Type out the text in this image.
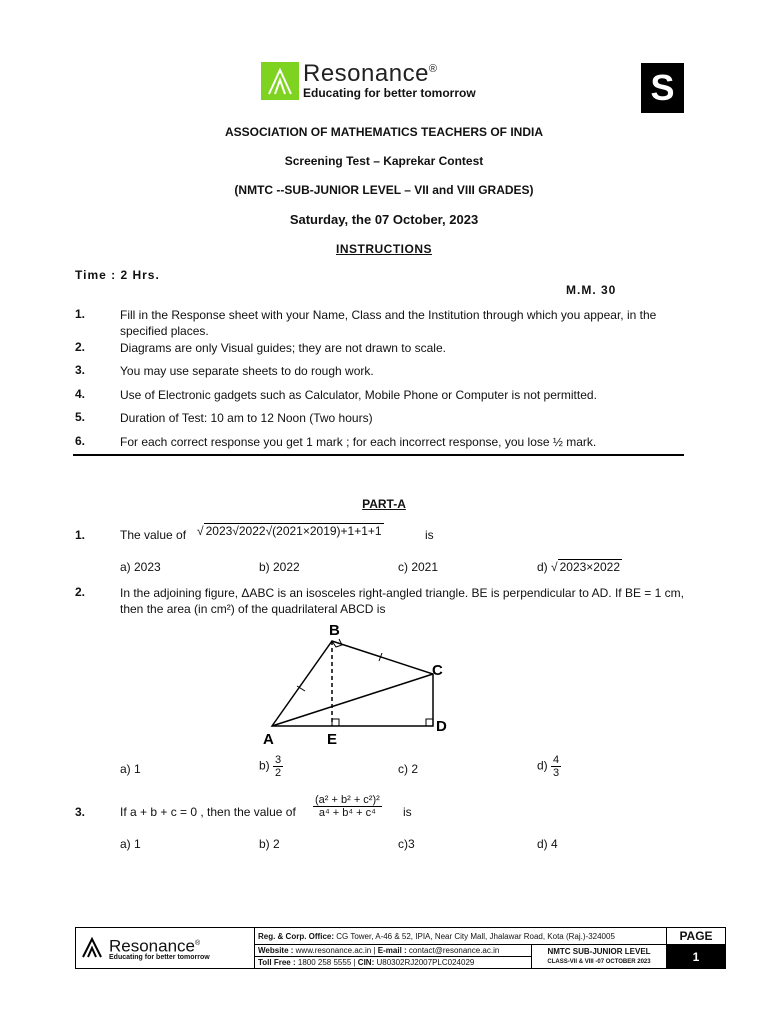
Resonance®
Educating for better tomorrow	S
ASSOCIATION OF MATHEMATICS TEACHERS OF INDIA
Screening Test – Kaprekar Contest
(NMTC --SUB-JUNIOR LEVEL – VII and VIII GRADES)
Saturday, the 07 October, 2023
INSTRUCTIONS
Time : 2 Hrs.
M.M. 30
1.	Fill in the Response sheet with your Name, Class and the Institution through which you appear, in the specified places.
2.	Diagrams are only Visual guides; they are not drawn to scale.
3.	You may use separate sheets to do rough work.
4.	Use of Electronic gadgets such as Calculator, Mobile Phone or Computer is not permitted.
5.	Duration of Test: 10 am to 12 Noon (Two hours)
6.	For each correct response you get 1 mark ; for each incorrect response, you lose ½ mark.
PART-A
1.	The value of √ 2023√2022√(2021×2019)+1+1+1	is
a) 2023	b) 2022	c) 2021	d) √ 2023×2022
2.	In the adjoining figure, ΔABC is an isosceles right-angled triangle. BE is perpendicular to AD. If BE = 1 cm, then the area (in cm²) of the quadrilateral ABCD is
B
C
A	E
D
a) 1	$b) \frac{3}{2}$	c) 2	$d) \frac{4}{3}$
3.	If a + b + c = 0 , then the value of $\frac{\text{(a² + b² + c²)²}}{\text{a⁴ + b⁴ + c⁴}}$ is
a) 1	b) 2	c)3	d) 4
Resonance®
Educating for better tomorrow	Reg. & Corp. Office: CG Tower, A-46 & 52, IPIA, Near City Mall, Jhalawar Road, Kota (Raj.)-324005		PAGE
	Website : www.resonance.ac.in | E-mail : contact@resonance.ac.in	NMTC SUB-JUNIOR LEVEL
CLASS-VII & VIII -07 OCTOBER 2023	1
	Toll Free : 1800 258 5555 | CIN: U80302RJ2007PLC024029		
